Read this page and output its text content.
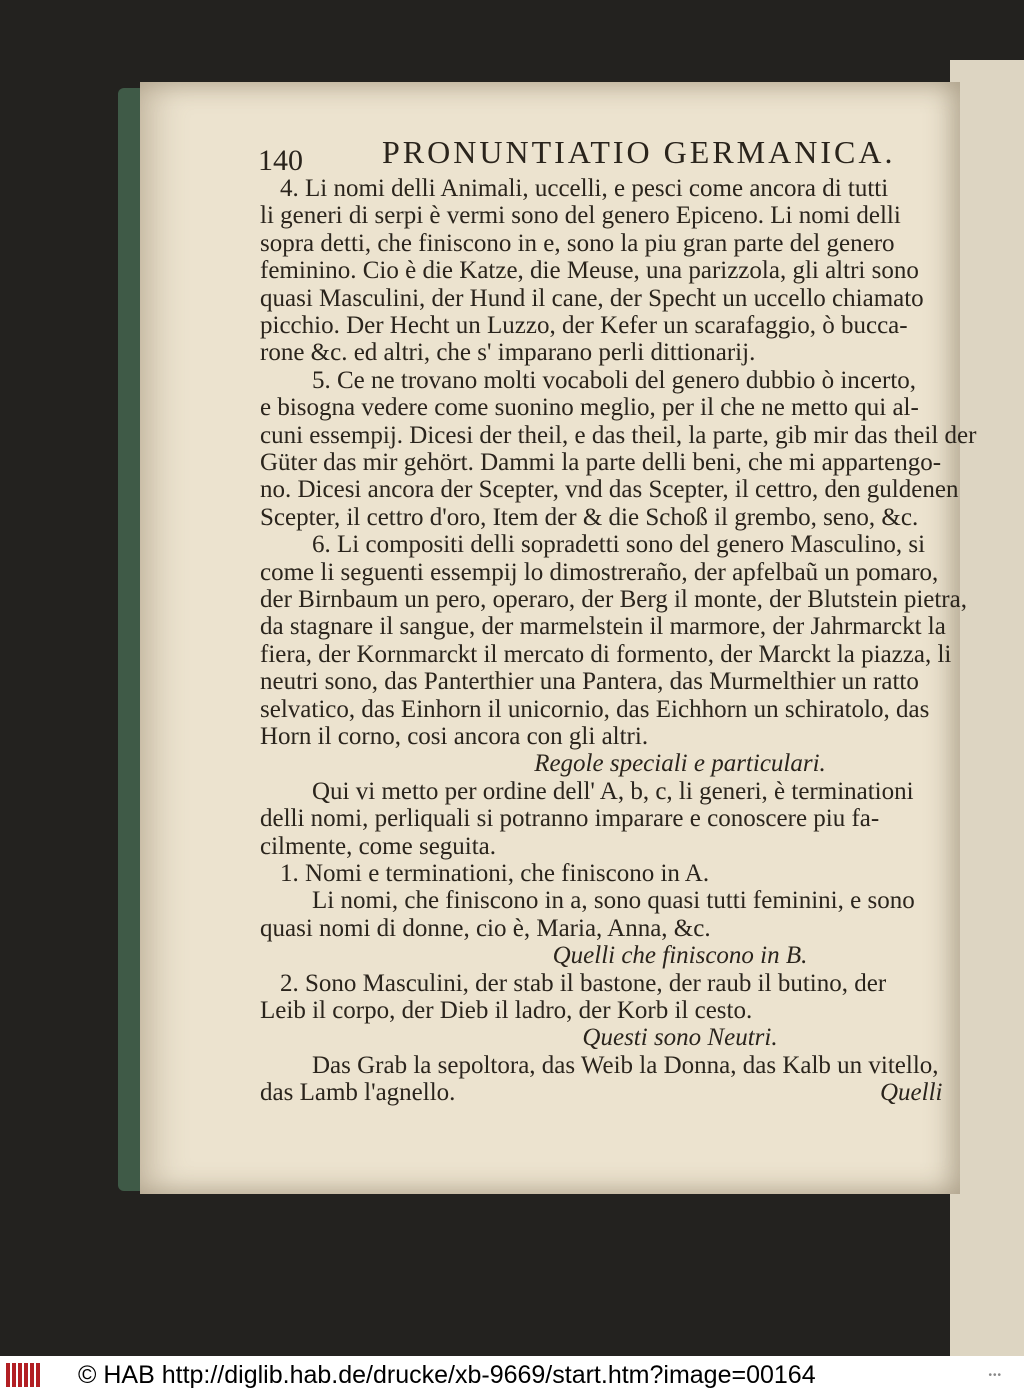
140 PRONUNTIATIO GERMANICA.
4. Li nomi delli Animali, uccelli, e pesci come ancora di tutti
li generi di serpi è vermi sono del genero Epiceno. Li nomi delli
sopra detti, che finiscono in e, sono la piu gran parte del genero
feminino. Cio è die Katze, die Meuse, una parizzola, gli altri sono
quasi Masculini, der Hund il cane, der Specht un uccello chiamato
picchio. Der Hecht un Luzzo, der Kefer un scarafaggio, ò bucca-
rone &c. ed altri, che s' imparano perli dittionarij.
5. Ce ne trovano molti vocaboli del genero dubbio ò incerto,
e bisogna vedere come suonino meglio, per il che ne metto qui al-
cuni essempij. Dicesi der theil, e das theil, la parte, gib mir das theil der
Güter das mir gehört. Dammi la parte delli beni, che mi appartengo-
no. Dicesi ancora der Scepter, vnd das Scepter, il cettro, den guldenen
Scepter, il cettro d'oro, Item der & die Schoß il grembo, seno, &c.
6. Li compositi delli sopradetti sono del genero Masculino, si
come li seguenti essempij lo dimostreraño, der apfelbaũ un pomaro,
der Birnbaum un pero, operaro, der Berg il monte, der Blutstein pietra,
da stagnare il sangue, der marmelstein il marmore, der Jahrmarckt la
fiera, der Kornmarckt il mercato di formento, der Marckt la piazza, li
neutri sono, das Panterthier una Pantera, das Murmelthier un ratto
selvatico, das Einhorn il unicornio, das Eichhorn un schiratolo, das
Horn il corno, cosi ancora con gli altri.
Regole speciali e particulari.
Qui vi metto per ordine dell' A, b, c, li generi, è terminationi
delli nomi, perliquali si potranno imparare e conoscere piu fa-
cilmente, come seguita.
1. Nomi e terminationi, che finiscono in A.
Li nomi, che finiscono in a, sono quasi tutti feminini, e sono
quasi nomi di donne, cio è, Maria, Anna, &c.
Quelli che finiscono in B.
2. Sono Masculini, der stab il bastone, der raub il butino, der
Leib il corpo, der Dieb il ladro, der Korb il cesto.
Questi sono Neutri.
Das Grab la sepoltora, das Weib la Donna, das Kalb un vitello,
das Lamb l'agnello.	Quelli
© HAB http://diglib.hab.de/drucke/xb-9669/start.htm?image=00164	•••
